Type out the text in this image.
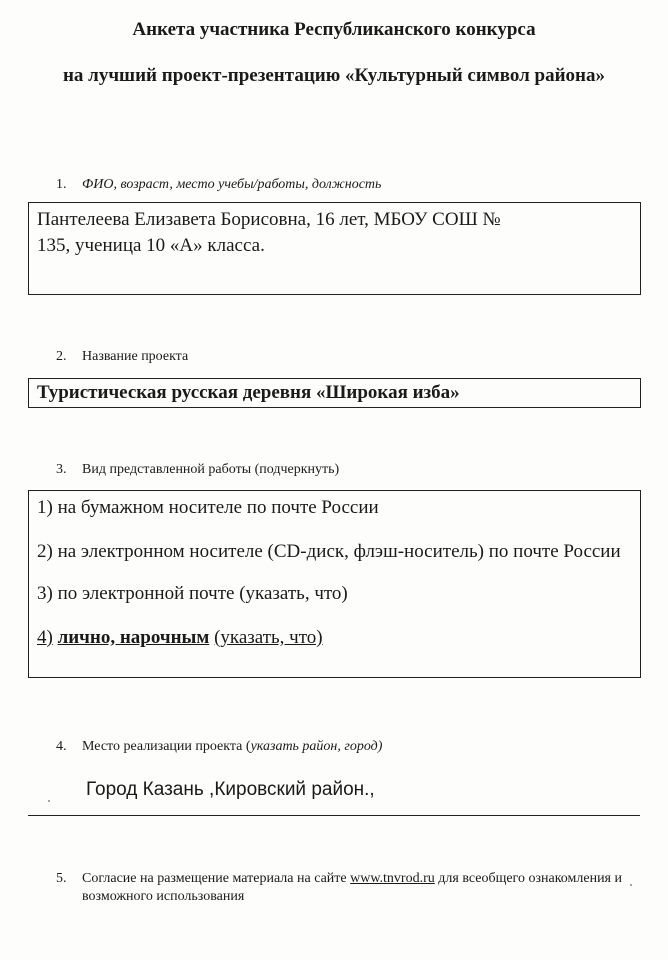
Анкета участника Республиканского конкурса
на лучший проект-презентацию «Культурный символ района»
1. ФИО, возраст, место учебы/работы, должность
Пантелеева Елизавета Борисовна, 16 лет, МБОУ СОШ №
135, ученица 10 «А» класса.
2. Название проекта
Туристическая русская деревня «Широкая изба»
3. Вид представленной работы (подчеркнуть)
1) на бумажном носителе по почте России
2) на электронном носителе (CD-диск, флэш-носитель) по почте России
3) по электронной почте (указать, что)
4) лично, нарочным (указать, что)
4. Место реализации проекта (указать район, город)
Город Казань ,Кировский район.,
5. Согласие на размещение материала на сайте www.tnvrod.ru для всеобщего ознакомления и возможного использования
